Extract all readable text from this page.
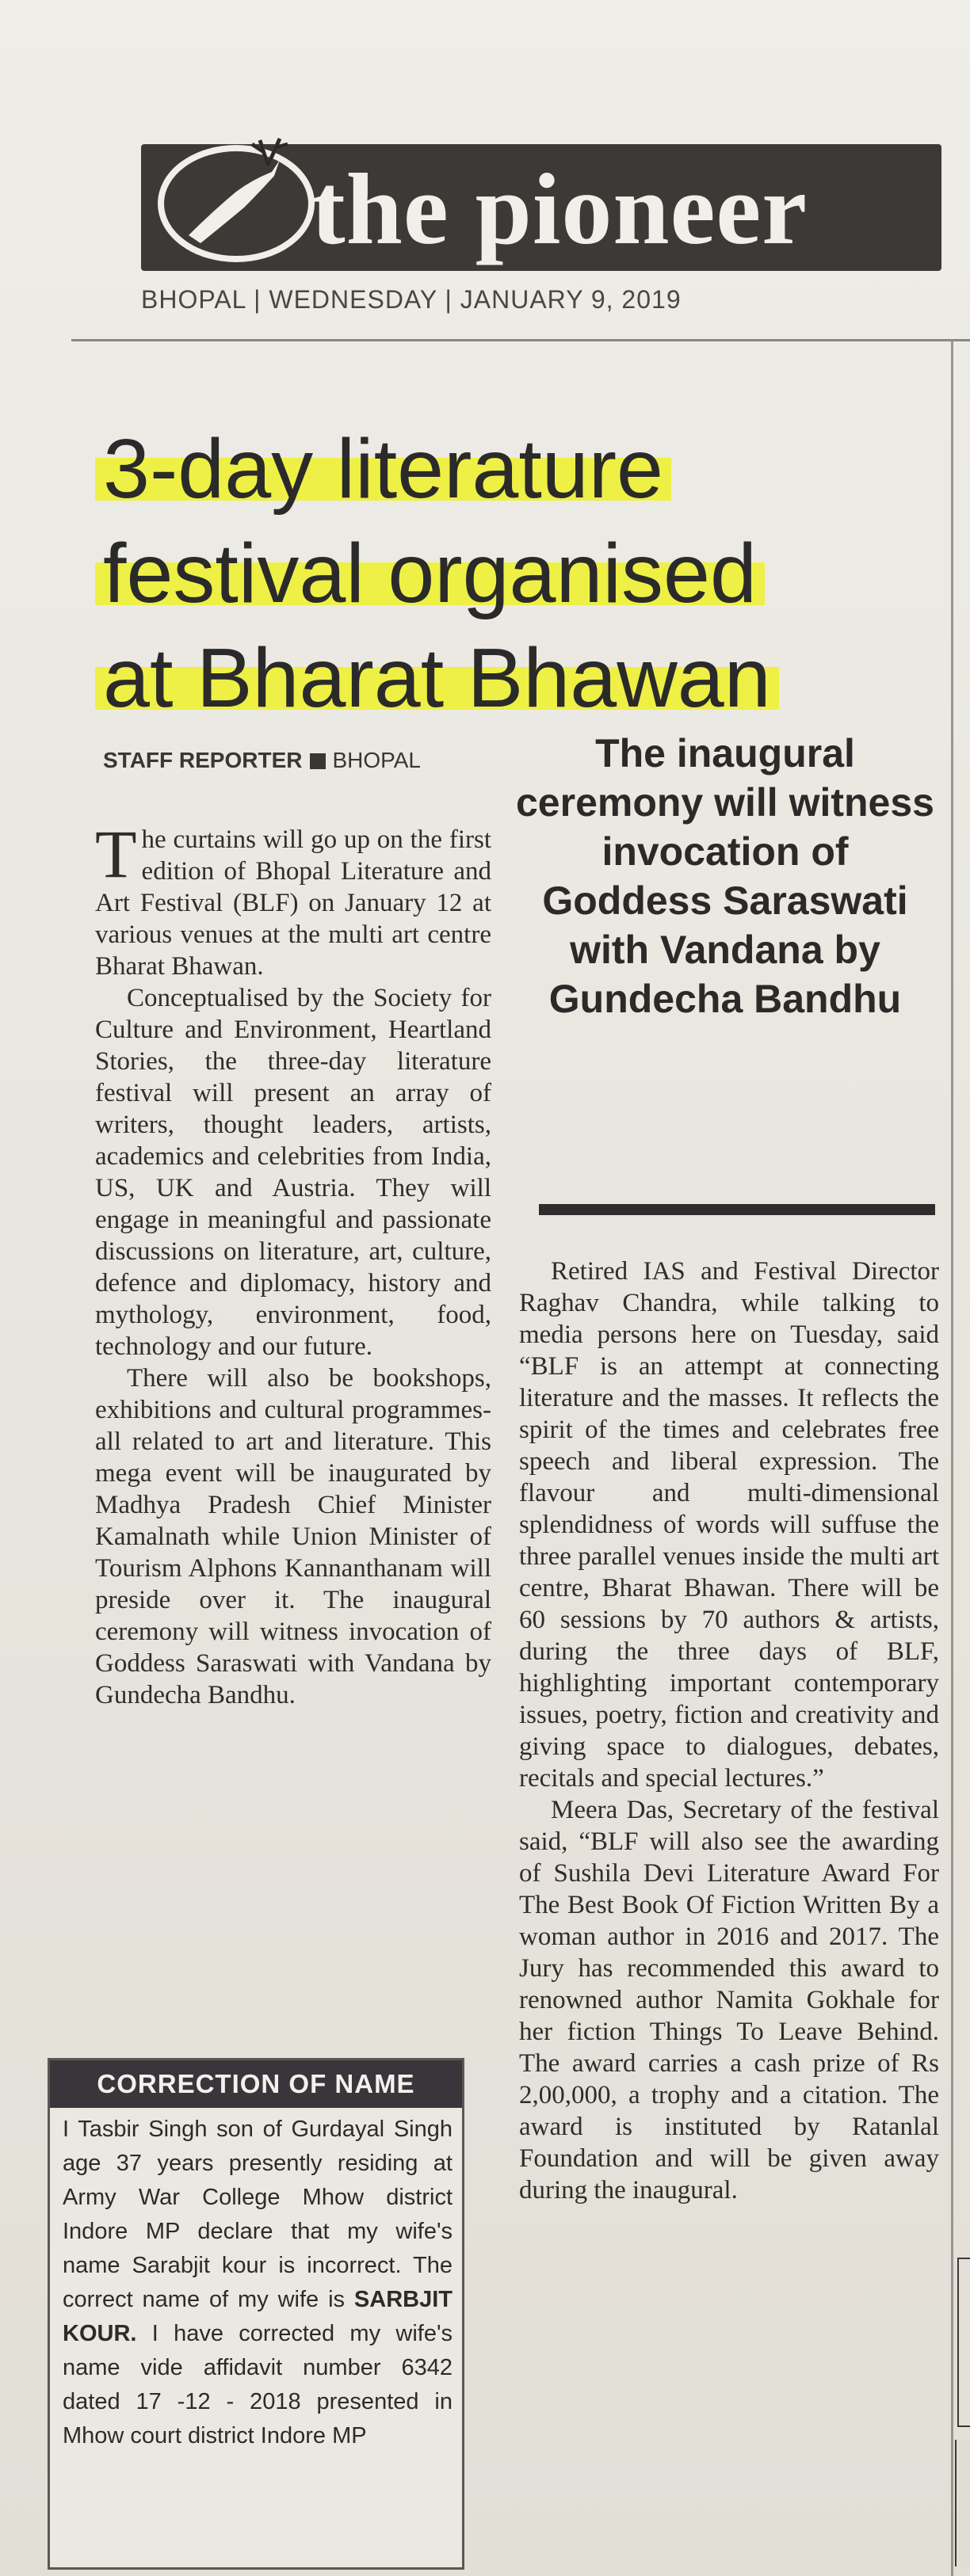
the pioneer
BHOPAL | WEDNESDAY | JANUARY 9, 2019
3-day literature
festival organised
at Bharat Bhawan
STAFF REPORTER BHOPAL	The inaugural ceremony will witness invocation of Goddess Saraswati with Vandana by Gundecha Bandhu

The curtains will go up on the first edition of Bhopal Literature and Art Festival (BLF) on January 12 at various venues at the multi art centre Bharat Bhawan.

Conceptualised by the Society for Culture and Environment, Heartland Stories, the three-day literature festival will present an array of writers, thought leaders, artists, academics and celebrities from India, US, UK and Austria. They will engage in meaningful and passionate discussions on literature, art, culture, defence and diplomacy, history and mythology, environment, food, technology and our future.

There will also be bookshops, exhibitions and cultural programmes- all related to art and literature. This mega event will be inaugurated by Madhya Pradesh Chief Minister Kamalnath while Union Minister of Tourism Alphons Kannanthanam will preside over it. The inaugural ceremony will witness invocation of Goddess Saraswati with Vandana by Gundecha Bandhu.

Retired IAS and Festival Director Raghav Chandra, while talking to media persons here on Tuesday, said “BLF is an attempt at connecting literature and the masses. It reflects the spirit of the times and celebrates free speech and liberal expression. The flavour and multi-dimensional splendidness of words will suffuse the three parallel venues inside the multi art centre, Bharat Bhawan. There will be 60 sessions by 70 authors & artists, during the three days of BLF, highlighting important contemporary issues, poetry, fiction and creativity and giving space to dialogues, debates, recitals and special lectures.”

Meera Das, Secretary of the festival said, “BLF will also see the awarding of Sushila Devi Literature Award For The Best Book Of Fiction Written By a woman author in 2016 and 2017. The Jury has recommended this award to renowned author Namita Gokhale for her fiction Things To Leave Behind. The award carries a cash prize of Rs 2,00,000, a trophy and a citation. The award is instituted by Ratanlal Foundation and will be given away during the inaugural.

CORRECTION OF NAME
I Tasbir Singh son of Gurdayal Singh age 37 years presently residing at Army War College Mhow district Indore MP declare that my wife's name Sarabjit kour is incorrect. The correct name of my wife is SARBJIT KOUR. I have corrected my wife's name vide affidavit number 6342 dated 17 -12 - 2018 presented in Mhow court district Indore MP
